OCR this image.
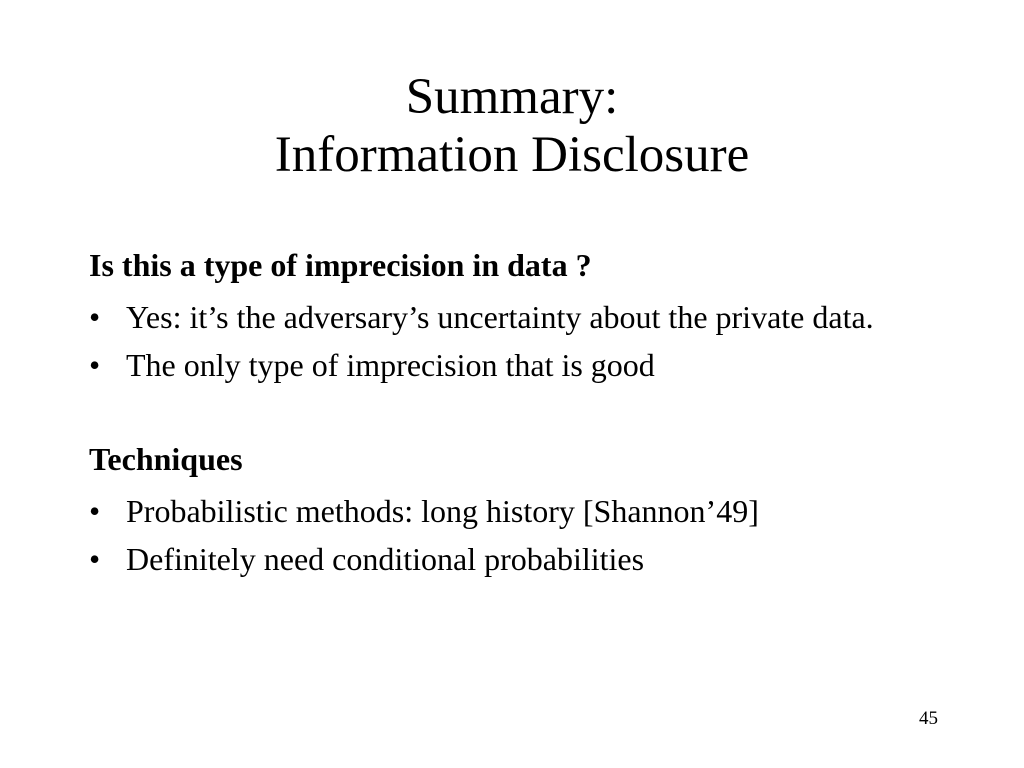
Summary:
Information Disclosure
Is this a type of imprecision in data ?
• Yes: it’s the adversary’s uncertainty about the private data.
• The only type of imprecision that is good
Techniques
• Probabilistic methods: long history [Shannon’49]
• Definitely need conditional probabilities
45
